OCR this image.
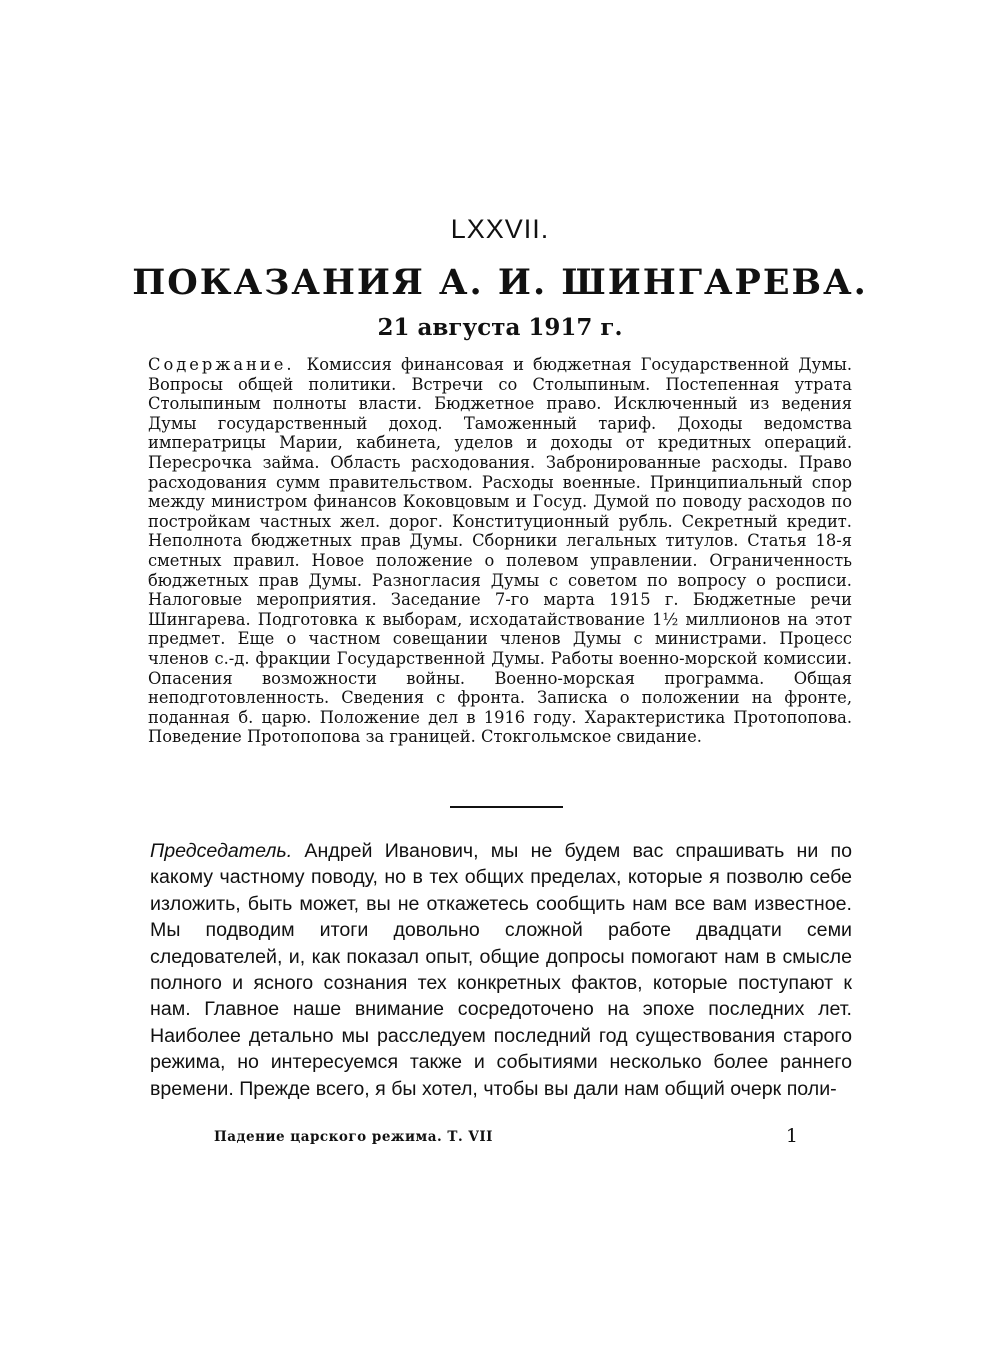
LXXVII.
ПОКАЗАНИЯ А. И. ШИНГАРЕВА.
21 августа 1917 г.
Содержание. Комиссия финансовая и бюджетная Государственной Думы. Вопросы общей политики. Встречи со Столыпиным. Постепенная утрата Столыпиным полноты власти. Бюджетное право. Исключенный из ведения Думы государственный доход. Таможенный тариф. Доходы ведомства императрицы Марии, кабинета, уделов и доходы от кредитных операций. Пересрочка займа. Область расходования. Забронированные расходы. Право расходования сумм правительством. Расходы военные. Принципиальный спор между министром финансов Коковцовым и Госуд. Думой по поводу расходов по постройкам частных жел. дорог. Конституционный рубль. Секретный кредит. Неполнота бюджетных прав Думы. Сборники легальных титулов. Статья 18-я сметных правил. Новое положение о полевом управлении. Ограниченность бюджетных прав Думы. Разногласия Думы с советом по вопросу о росписи. Налоговые мероприятия. Заседание 7-го марта 1915 г. Бюджетные речи Шингарева. Подготовка к выборам, исходатайствование 1½ миллионов на этот предмет. Еще о частном совещании членов Думы с министрами. Процесс членов с.-д. фракции Государственной Думы. Работы военно-морской комиссии. Опасения возможности войны. Военно-морская программа. Общая неподготовленность. Сведения с фронта. Записка о положении на фронте, поданная б. царю. Положение дел в 1916 году. Характеристика Протопопова. Поведение Протопопова за границей. Стокгольмское свидание.
Председатель. Андрей Иванович, мы не будем вас спрашивать ни по какому частному поводу, но в тех общих пределах, которые я позволю себе изложить, быть может, вы не откажетесь сообщить нам все вам известное. Мы подводим итоги довольно сложной работе двадцати семи следователей, и, как показал опыт, общие допросы помогают нам в смысле полного и ясного сознания тех конкретных фактов, которые поступают к нам. Главное наше внимание сосредоточено на эпохе последних лет. Наиболее детально мы расследуем последний год существования старого режима, но интересуемся также и событиями несколько более раннего времени. Прежде всего, я бы хотел, чтобы вы дали нам общий очерк поли-
Падение царского режима. Т. VII	1
